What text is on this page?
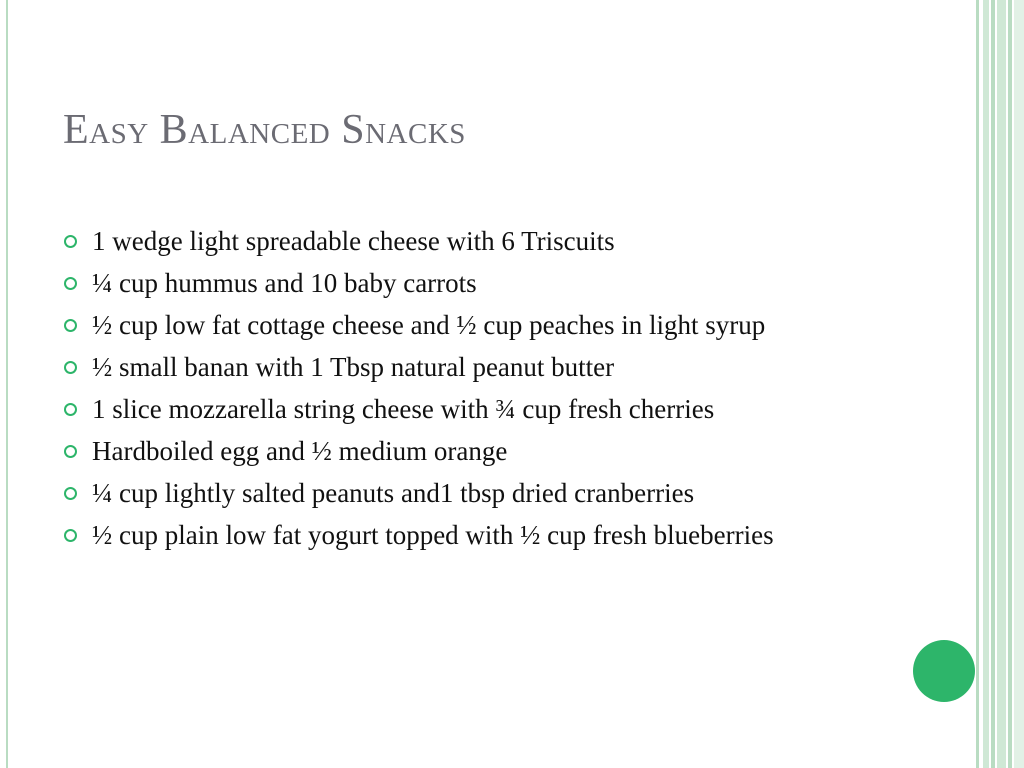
Easy Balanced Snacks
1 wedge light spreadable cheese with 6 Triscuits
¼ cup hummus and 10 baby carrots
½ cup low fat cottage cheese and ½ cup peaches in light syrup
½ small banan with 1 Tbsp natural peanut butter
1 slice mozzarella string cheese with ¾ cup fresh cherries
Hardboiled egg and ½ medium orange
¼ cup lightly salted peanuts and1 tbsp dried cranberries
½ cup plain low fat yogurt topped with ½ cup fresh blueberries
